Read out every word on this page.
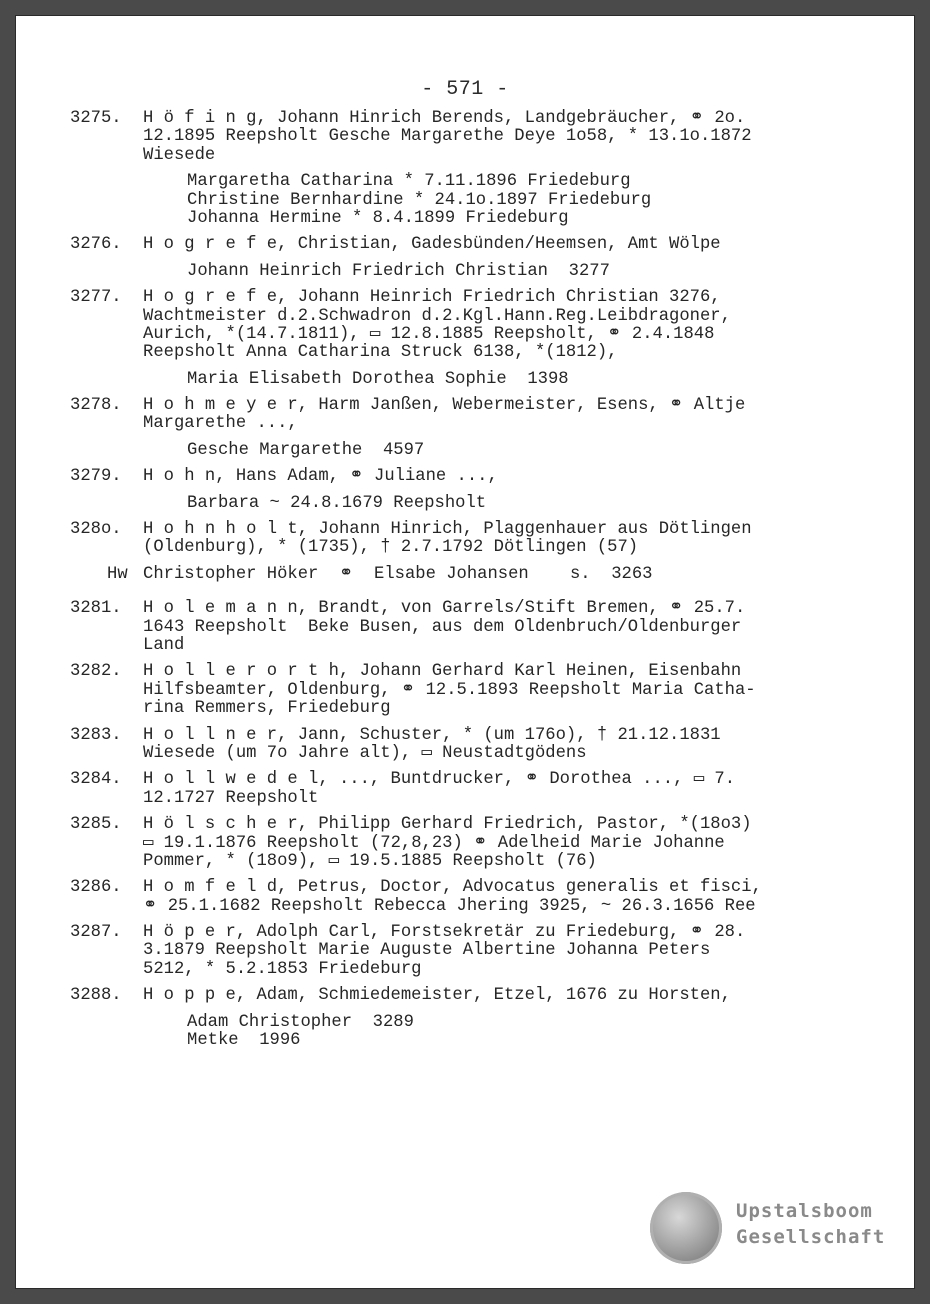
- 571 -
3275.	H ö f i n g, Johann Hinrich Berends, Landgebräucher, ⚭ 2o.
12.1895 Reepsholt Gesche Margarethe Deye 1o58, * 13.1o.1872
Wiesede
Margaretha Catharina * 7.11.1896 Friedeburg
Christine Bernhardine * 24.1o.1897 Friedeburg
Johanna Hermine * 8.4.1899 Friedeburg
3276.	H o g r e f e, Christian, Gadesbünden/Heemsen, Amt Wölpe
Johann Heinrich Friedrich Christian  3277
3277.	H o g r e f e, Johann Heinrich Friedrich Christian 3276,
Wachtmeister d.2.Schwadron d.2.Kgl.Hann.Reg.Leibdragoner,
Aurich, *(14.7.1811), ▭ 12.8.1885 Reepsholt, ⚭ 2.4.1848
Reepsholt Anna Catharina Struck 6138, *(1812),
Maria Elisabeth Dorothea Sophie  1398
3278.	H o h m e y e r, Harm Janßen, Webermeister, Esens, ⚭ Altje
Margarethe ...,
Gesche Margarethe  4597
3279.	H o h n, Hans Adam, ⚭ Juliane ...,
Barbara ~ 24.8.1679 Reepsholt
328o.	H o h n h o l t, Johann Hinrich, Plaggenhauer aus Dötlingen
(Oldenburg), * (1735), † 2.7.1792 Dötlingen (57)
Hw Christopher Höker  ⚭  Elsabe Johansen    s.  3263
3281.	H o l e m a n n, Brandt, von Garrels/Stift Bremen, ⚭ 25.7.
1643 Reepsholt  Beke Busen, aus dem Oldenbruch/Oldenburger
Land
3282.	H o l l e r o r t h, Johann Gerhard Karl Heinen, Eisenbahn
Hilfsbeamter, Oldenburg, ⚭ 12.5.1893 Reepsholt Maria Catha-
rina Remmers, Friedeburg
3283.	H o l l n e r, Jann, Schuster, * (um 176o), † 21.12.1831
Wiesede (um 7o Jahre alt), ▭ Neustadtgödens
3284.	H o l l w e d e l, ..., Buntdrucker, ⚭ Dorothea ..., ▭ 7.
12.1727 Reepsholt
3285.	H ö l s c h e r, Philipp Gerhard Friedrich, Pastor, *(18o3)
▭ 19.1.1876 Reepsholt (72,8,23) ⚭ Adelheid Marie Johanne
Pommer, * (18o9), ▭ 19.5.1885 Reepsholt (76)
3286.	H o m f e l d, Petrus, Doctor, Advocatus generalis et fisci,
⚭ 25.1.1682 Reepsholt Rebecca Jhering 3925, ~ 26.3.1656 Ree
3287.	H ö p e r, Adolph Carl, Forstsekretär zu Friedeburg, ⚭ 28.
3.1879 Reepsholt Marie Auguste Albertine Johanna Peters
5212, * 5.2.1853 Friedeburg
3288.	H o p p e, Adam, Schmiedemeister, Etzel, 1676 zu Horsten,
Adam Christopher  3289
Metke  1996
Upstalsboom
Gesellschaft
